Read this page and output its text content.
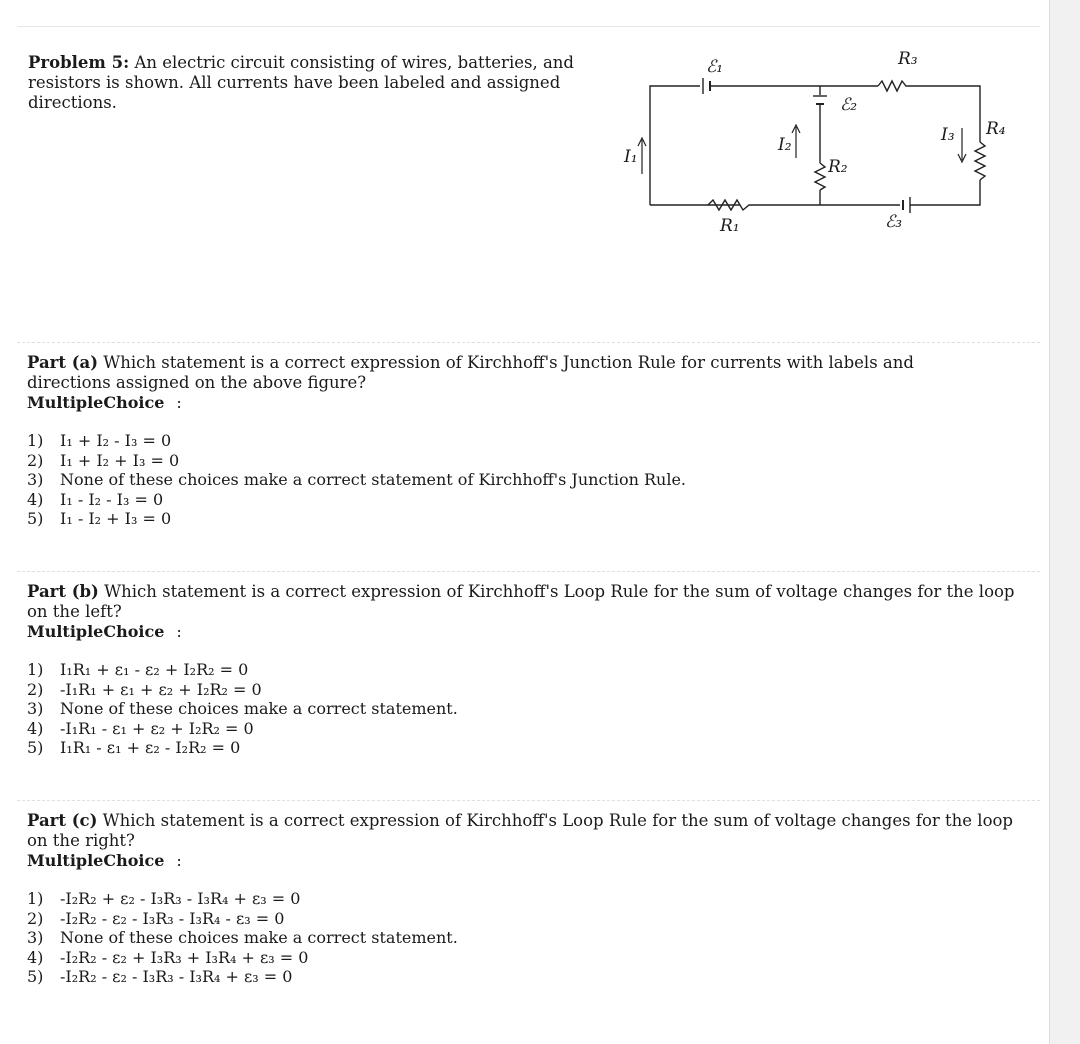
Problem 5: An electric circuit consisting of wires, batteries, and resistors is shown. All currents have been labeled and assigned directions.
ℰ₁
ℰ₂
ℰ₃
R₁
R₂
R₃
R₄
I₁
I₂	I₃
Part (a) Which statement is a correct expression of Kirchhoff's Junction Rule for currents with labels and directions assigned on the above figure?
MultipleChoice :
1) I₁ + I₂ - I₃ = 0
2) I₁ + I₂ + I₃ = 0
3) None of these choices make a correct statement of Kirchhoff's Junction Rule.
4) I₁ - I₂ - I₃ = 0
5) I₁ - I₂ + I₃ = 0
Part (b) Which statement is a correct expression of Kirchhoff's Loop Rule for the sum of voltage changes for the loop on the left?
MultipleChoice :
1) I₁R₁ + ε₁ - ε₂ + I₂R₂ = 0
2) -I₁R₁ + ε₁ + ε₂ + I₂R₂ = 0
3) None of these choices make a correct statement.
4) -I₁R₁ - ε₁ + ε₂ + I₂R₂ = 0
5) I₁R₁ - ε₁ + ε₂ - I₂R₂ = 0
Part (c) Which statement is a correct expression of Kirchhoff's Loop Rule for the sum of voltage changes for the loop on the right?
MultipleChoice :
1) -I₂R₂ + ε₂ - I₃R₃ - I₃R₄ + ε₃ = 0
2) -I₂R₂ - ε₂ - I₃R₃ - I₃R₄ - ε₃ = 0
3) None of these choices make a correct statement.
4) -I₂R₂ - ε₂ + I₃R₃ + I₃R₄ + ε₃ = 0
5) -I₂R₂ - ε₂ - I₃R₃ - I₃R₄ + ε₃ = 0
